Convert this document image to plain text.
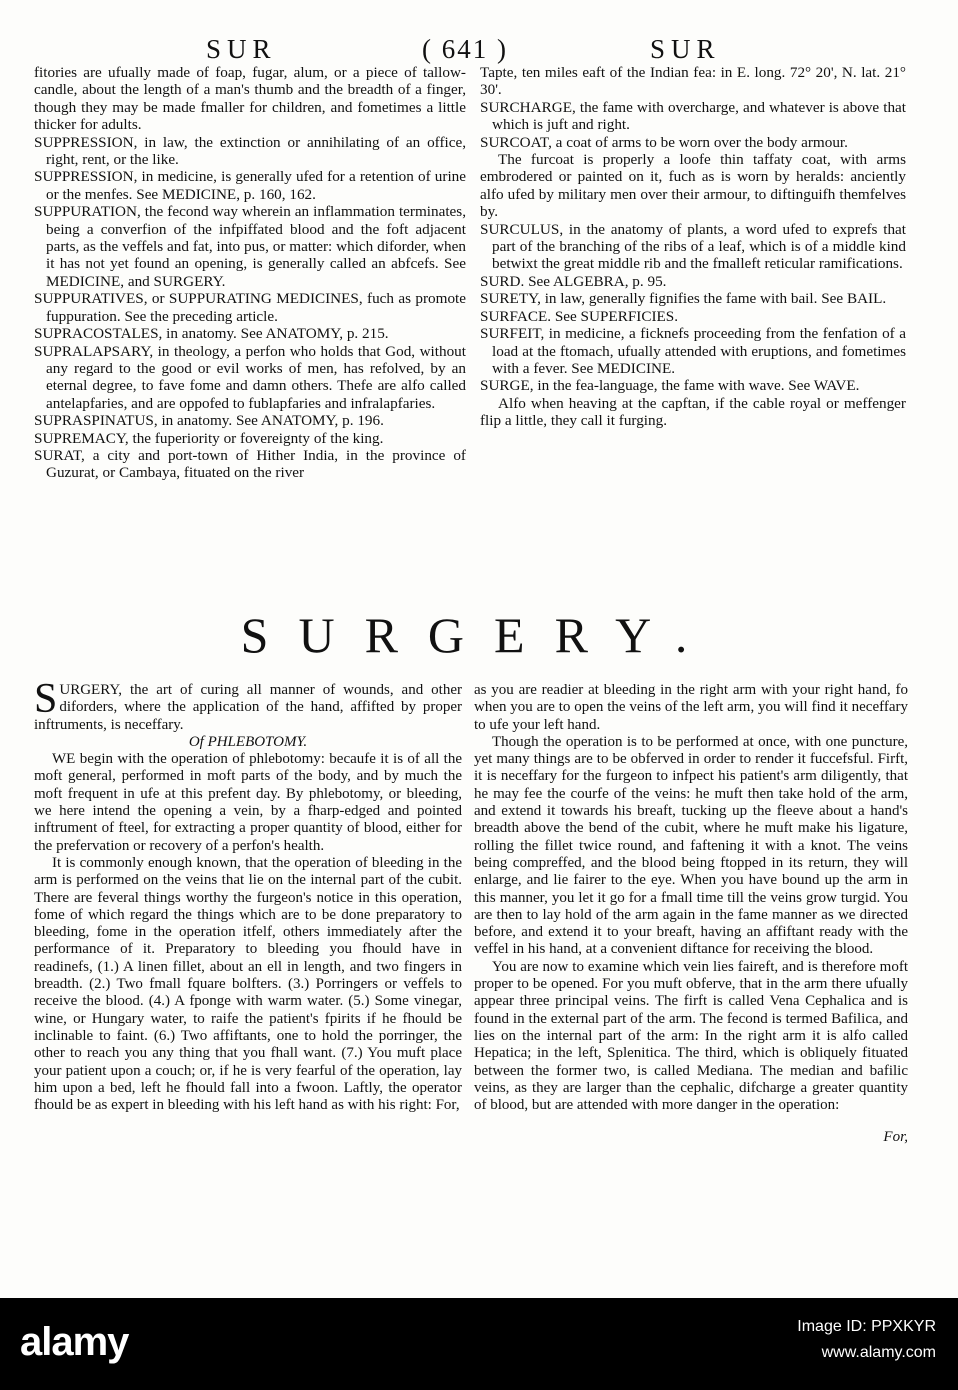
SUR	( 641 )	SUR

fitories are ufually made of foap, fugar, alum, or a piece of tallow-candle, about the length of a man's thumb and the breadth of a finger, though they may be made fmaller for children, and fometimes a little thicker for adults.

SUPPRESSION, in law, the extinction or annihilating of an office, right, rent, or the like.

SUPPRESSION, in medicine, is generally ufed for a retention of urine or the menfes. See MEDICINE, p. 160, 162.

SUPPURATION, the fecond way wherein an inflammation terminates, being a converfion of the infpiffated blood and the foft adjacent parts, as the veffels and fat, into pus, or matter: which diforder, when it has not yet found an opening, is generally called an abfcefs. See MEDICINE, and SURGERY.

SUPPURATIVES, or SUPPURATING MEDICINES, fuch as promote fuppuration. See the preceding article.

SUPRACOSTALES, in anatomy. See ANATOMY, p. 215.

SUPRALAPSARY, in theology, a perfon who holds that God, without any regard to the good or evil works of men, has refolved, by an eternal degree, to fave fome and damn others. Thefe are alfo called antelapfaries, and are oppofed to fublapfaries and infralapfaries.

SUPRASPINATUS, in anatomy. See ANATOMY, p. 196.

SUPREMACY, the fuperiority or fovereignty of the king.

SURAT, a city and port-town of Hither India, in the province of Guzurat, or Cambaya, fituated on the river

Tapte, ten miles eaft of the Indian fea: in E. long. 72° 20', N. lat. 21° 30'.

SURCHARGE, the fame with overcharge, and whatever is above that which is juft and right.

SURCOAT, a coat of arms to be worn over the body armour.

The furcoat is properly a loofe thin taffaty coat, with arms embrodered or painted on it, fuch as is worn by heralds: anciently alfo ufed by military men over their armour, to diftinguifh themfelves by.

SURCULUS, in the anatomy of plants, a word ufed to exprefs that part of the branching of the ribs of a leaf, which is of a middle kind betwixt the great middle rib and the fmalleft reticular ramifications.

SURD. See ALGEBRA, p. 95.

SURETY, in law, generally fignifies the fame with bail. See BAIL.

SURFACE. See SUPERFICIES.

SURFEIT, in medicine, a ficknefs proceeding from the fenfation of a load at the ftomach, ufually attended with eruptions, and fometimes with a fever. See MEDICINE.

SURGE, in the fea-language, the fame with wave. See WAVE.

Alfo when heaving at the capftan, if the cable royal or meffenger flip a little, they call it furging.

SURGERY.

SURGERY, the art of curing all manner of wounds, and other diforders, where the application of the hand, affifted by proper inftruments, is neceffary.

Of PHLEBOTOMY.

WE begin with the operation of phlebotomy: becaufe it is of all the moft general, performed in moft parts of the body, and by much the moft frequent in ufe at this prefent day. By phlebotomy, or bleeding, we here intend the opening a vein, by a fharp-edged and pointed inftrument of fteel, for extracting a proper quantity of blood, either for the prefervation or recovery of a perfon's health.

It is commonly enough known, that the operation of bleeding in the arm is performed on the veins that lie on the internal part of the cubit. There are feveral things worthy the furgeon's notice in this operation, fome of which regard the things which are to be done preparatory to bleeding, fome in the operation itfelf, others immediately after the performance of it. Preparatory to bleeding you fhould have in readinefs, (1.) A linen fillet, about an ell in length, and two fingers in breadth. (2.) Two fmall fquare bolfters. (3.) Porringers or veffels to receive the blood. (4.) A fponge with warm water. (5.) Some vinegar, wine, or Hungary water, to raife the patient's fpirits if he fhould be inclinable to faint. (6.) Two affiftants, one to hold the porringer, the other to reach you any thing that you fhall want. (7.) You muft place your patient upon a couch; or, if he is very fearful of the operation, lay him upon a bed, left he fhould fall into a fwoon. Laftly, the operator fhould be as expert in bleeding with his left hand as with his right: For,

as you are readier at bleeding in the right arm with your right hand, fo when you are to open the veins of the left arm, you will find it neceffary to ufe your left hand.

Though the operation is to be performed at once, with one puncture, yet many things are to be obferved in order to render it fuccefsful. Firft, it is neceffary for the furgeon to infpect his patient's arm diligently, that he may fee the courfe of the veins: he muft then take hold of the arm, and extend it towards his breaft, tucking up the fleeve about a hand's breadth above the bend of the cubit, where he muft make his ligature, rolling the fillet twice round, and faftening it with a knot. The veins being compreffed, and the blood being ftopped in its return, they will enlarge, and lie fairer to the eye. When you have bound up the arm in this manner, you let it go for a fmall time till the veins grow turgid. You are then to lay hold of the arm again in the fame manner as we directed before, and extend it to your breaft, having an affiftant ready with the veffel in his hand, at a convenient diftance for receiving the blood.

You are now to examine which vein lies faireft, and is therefore moft proper to be opened. For you muft obferve, that in the arm there ufually appear three principal veins. The firft is called Vena Cephalica and is found in the external part of the arm. The fecond is termed Bafilica, and lies on the internal part of the arm: In the right arm it is alfo called Hepatica; in the left, Splenitica. The third, which is obliquely fituated between the former two, is called Mediana. The median and bafilic veins, as they are larger than the cephalic, difcharge a greater quantity of blood, but are attended with more danger in the operation:

For,

alamy	Image ID: PPXKYR
www.alamy.com
